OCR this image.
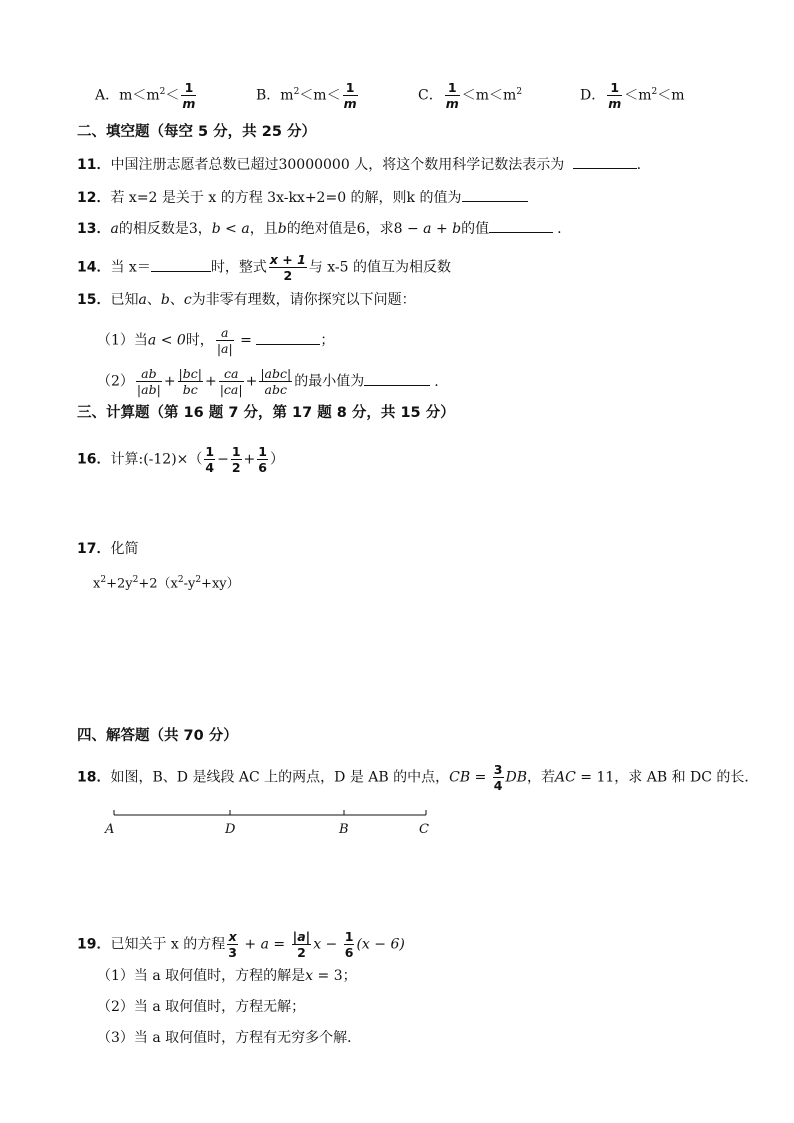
A．$m<m^2< \frac{1}{m}$	B．$m^2<m< \frac{1}{m}$	C． $\frac{1}{m} <m<m^2$	D． $\frac{1}{m} <m^2<m$
二、填空题（每空 5 分，共 25 分）
11．中国注册志愿者总数已超过30000000 人，将这个数用科学记数法表示为	.
12．若 x=2 是关于 x 的方程 3x-kx+2=0 的解，则k 的值为
13．a的相反数是3，b < a，且b的绝对值是6，求8 − a + b的值	.
14．当 x＝	时，整式 $\frac{x + 1}{2}$ 与 x-5 的值互为相反数
15．已知a、b、c为非零有理数，请你探究以下问题：
（1）当a < 0时， $\frac{a}{|a|}$ =	；
$(2) \frac{ab}{|ab|} + \frac{|bc|}{bc} + \frac{ca}{|ca|} + \frac{\text{|abc|}}{\text{abc}}$ 的最小值为	.
三、计算题（第 16 题 7 分，第 17 题 8 分，共 15 分）
16．计算:(-12)×（ $\frac{1}{4} - \frac{1}{2} + \frac{1}{6}$ ）
17．化简
$x^2+2y^2+2(x^2-y^2+xy)$
四、解答题（共 70 分）
18．如图，B、D 是线段 AC 上的两点，D 是 AB 的中点，CB = $\frac{3}{4}$ DB，若AC = 11，求 AB 和 DC 的长．
A	D	B	C
19．已知关于 x 的方程 $\frac{x}{3} + a = \frac{|a|}{2}$ $x - \frac{1}{6} (x - 6)$
（1）当 a 取何值时，方程的解是x = 3；
（2）当 a 取何值时，方程无解；
（3）当 a 取何值时，方程有无穷多个解．
